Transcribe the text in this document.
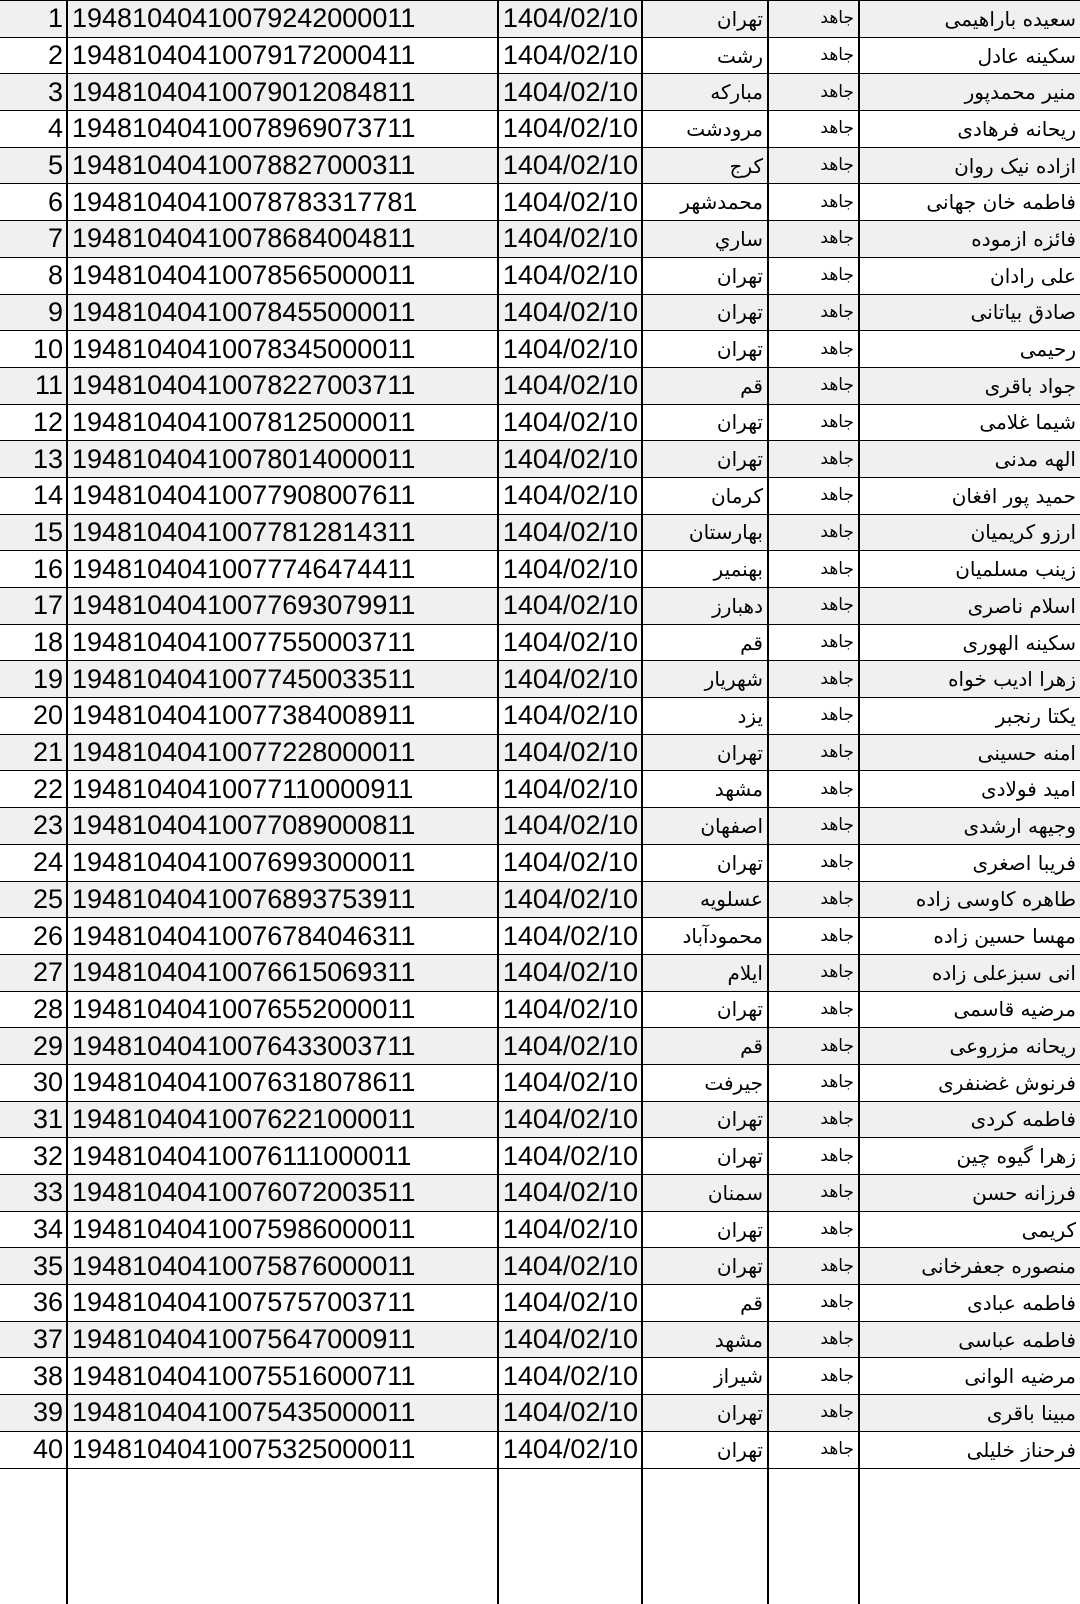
1 19481040410079242000011	1404/02/10	تهران	جاهد	سعیده باراهیمی
2 19481040410079172000411	1404/02/10	رشت	جاهد	سکینه عادل
3 19481040410079012084811	1404/02/10	مبارکه	جاهد	منیر محمدپور
4 19481040410078969073711	1404/02/10	مرودشت	جاهد	ریحانه فرهادی
5 19481040410078827000311	1404/02/10	کرج	جاهد	ازاده نیک روان
6 19481040410078783317781	1404/02/10	محمدشهر	جاهد	فاطمه خان جهانی
7 19481040410078684004811	1404/02/10	ساري	جاهد	فائزه ازموده
8 19481040410078565000011	1404/02/10	تهران	جاهد	علی رادان
9 19481040410078455000011	1404/02/10	تهران	جاهد	صادق بیاتانی
10 19481040410078345000011	1404/02/10	تهران	جاهد	رحیمی
11 19481040410078227003711	1404/02/10	قم	جاهد	جواد باقری
12 19481040410078125000011	1404/02/10	تهران	جاهد	شیما غلامی
13 19481040410078014000011	1404/02/10	تهران	جاهد	الهه مدنی
14 19481040410077908007611	1404/02/10	کرمان	جاهد	حمید پور افغان
15 19481040410077812814311	1404/02/10	بهارستان	جاهد	ارزو کریمیان
16 19481040410077746474411	1404/02/10	بهنمیر	جاهد	زینب مسلمیان
17 19481040410077693079911	1404/02/10	دهبارز	جاهد	اسلام ناصری
18 19481040410077550003711	1404/02/10	قم	جاهد	سکینه الهوری
19 19481040410077450033511	1404/02/10	شهریار	جاهد	زهرا ادیب خواه
20 19481040410077384008911	1404/02/10	یزد	جاهد	یکتا رنجبر
21 19481040410077228000011	1404/02/10	تهران	جاهد	امنه حسینی
22 19481040410077110000911	1404/02/10	مشهد	جاهد	امید فولادی
23 19481040410077089000811	1404/02/10	اصفهان	جاهد	وجیهه ارشدی
24 19481040410076993000011	1404/02/10	تهران	جاهد	فریبا اصغری
25 19481040410076893753911	1404/02/10	عسلویه	جاهد	طاهره کاوسی زاده
26 19481040410076784046311	1404/02/10	محمودآباد	جاهد	مهسا حسین زاده
27 19481040410076615069311	1404/02/10	ایلام	جاهد	انی سبزعلی زاده
28 19481040410076552000011	1404/02/10	تهران	جاهد	مرضیه قاسمی
29 19481040410076433003711	1404/02/10	قم	جاهد	ریحانه مزروعی
30 19481040410076318078611	1404/02/10	جیرفت	جاهد	فرنوش غضنفری
31 19481040410076221000011	1404/02/10	تهران	جاهد	فاطمه کردی
32 19481040410076111000011	1404/02/10	تهران	جاهد	زهرا گیوه چین
33 19481040410076072003511	1404/02/10	سمنان	جاهد	فرزانه حسن
34 19481040410075986000011	1404/02/10	تهران	جاهد	کریمی
35 19481040410075876000011	1404/02/10	تهران	جاهد	منصوره جعفرخانی
36 19481040410075757003711	1404/02/10	قم	جاهد	فاطمه عبادی
37 19481040410075647000911	1404/02/10	مشهد	جاهد	فاطمه عباسی
38 19481040410075516000711	1404/02/10	شیراز	جاهد	مرضیه الوانی
39 19481040410075435000011	1404/02/10	تهران	جاهد	مبینا باقری
40 19481040410075325000011	1404/02/10	تهران	جاهد	فرحناز خلیلی
